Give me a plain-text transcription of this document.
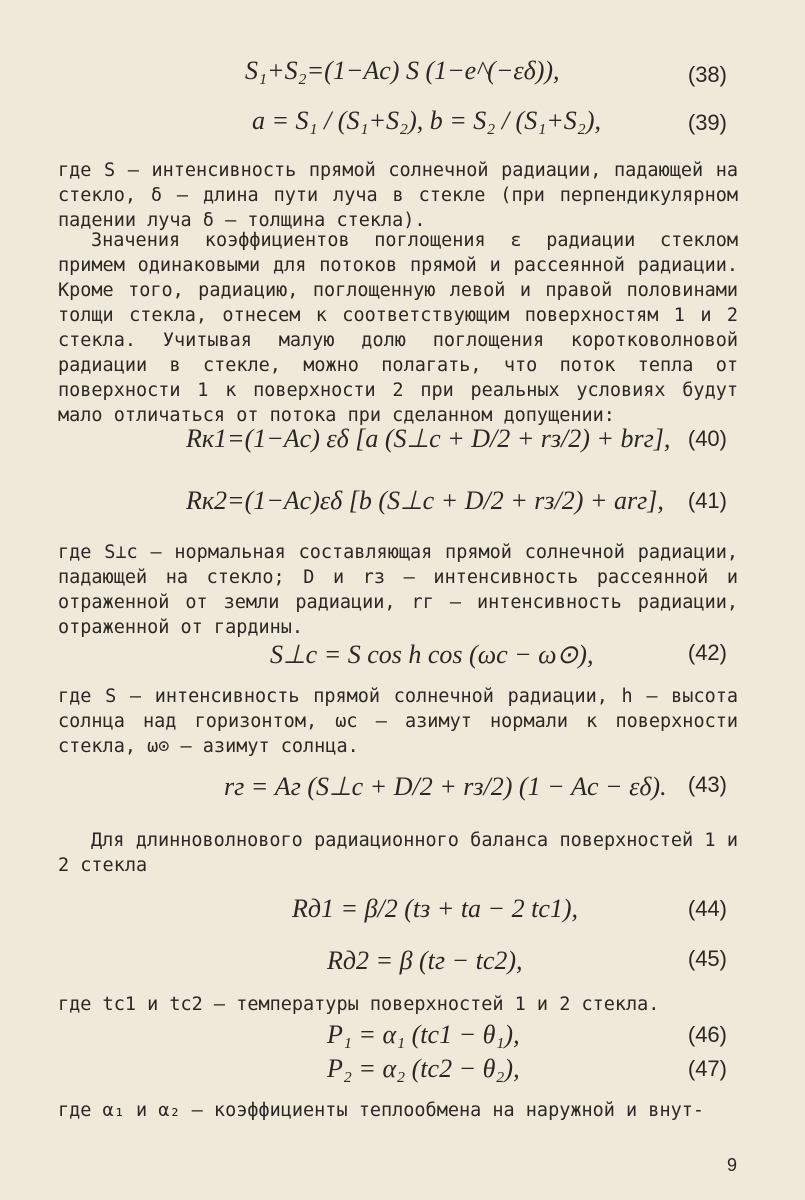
S₁+S₂=(1−Aс) S (1−e^(−εδ)),	(38)
a = S₁ / (S₁+S₂), b = S₂ / (S₁+S₂),	(39)
где S — интенсивность прямой солнечной радиации, падающей на стекло, δ — длина пути луча в стекле (при перпендикулярном падении луча δ — толщина стекла).
Значения коэффициентов поглощения ε радиации стеклом примем одинаковыми для потоков прямой и рассеянной радиации. Кроме того, радиацию, поглощенную левой и правой половинами толщи стекла, отнесем к соответствующим поверхностям 1 и 2 стекла. Учитывая малую долю поглощения коротковолновой радиации в стекле, можно полагать, что поток тепла от поверхности 1 к поверхности 2 при реальных условиях будут мало отличаться от потока при сделанном допущении:
Rк1=(1−Aс) εδ [a (S⊥c + D/2 + rз/2) + brг], (40)
Rк2=(1−Aс)εδ [b (S⊥c + D/2 + rз/2) + arг], (41)
где S⊥с — нормальная составляющая прямой солнечной радиации, падающей на стекло; D и rз — интенсивность рассеянной и отраженной от земли радиации, rг — интенсивность радиации, отраженной от гардины.
S⊥c = S cos h cos (ωс − ω⊙),	(42)
где S — интенсивность прямой солнечной радиации, h — высота солнца над горизонтом, ωс — азимут нормали к поверхности стекла, ω⊙ — азимут солнца.
rг = Aг (S⊥c + D/2 + rз/2) (1 − Aс − εδ). (43)
Для длинноволнового радиационного баланса поверхностей 1 и 2 стекла
Rд1 = β/2 (tз + tа − 2 tс1),	(44)
Rд2 = β (tг − tс2),	(45)
где tс1 и tс2 — температуры поверхностей 1 и 2 стекла.
P₁ = α₁ (tс1 − θ₁),	(46)
P₂ = α₂ (tс2 − θ₂),	(47)
где α₁ и α₂ — коэффициенты теплообмена на наружной и внут-
9
